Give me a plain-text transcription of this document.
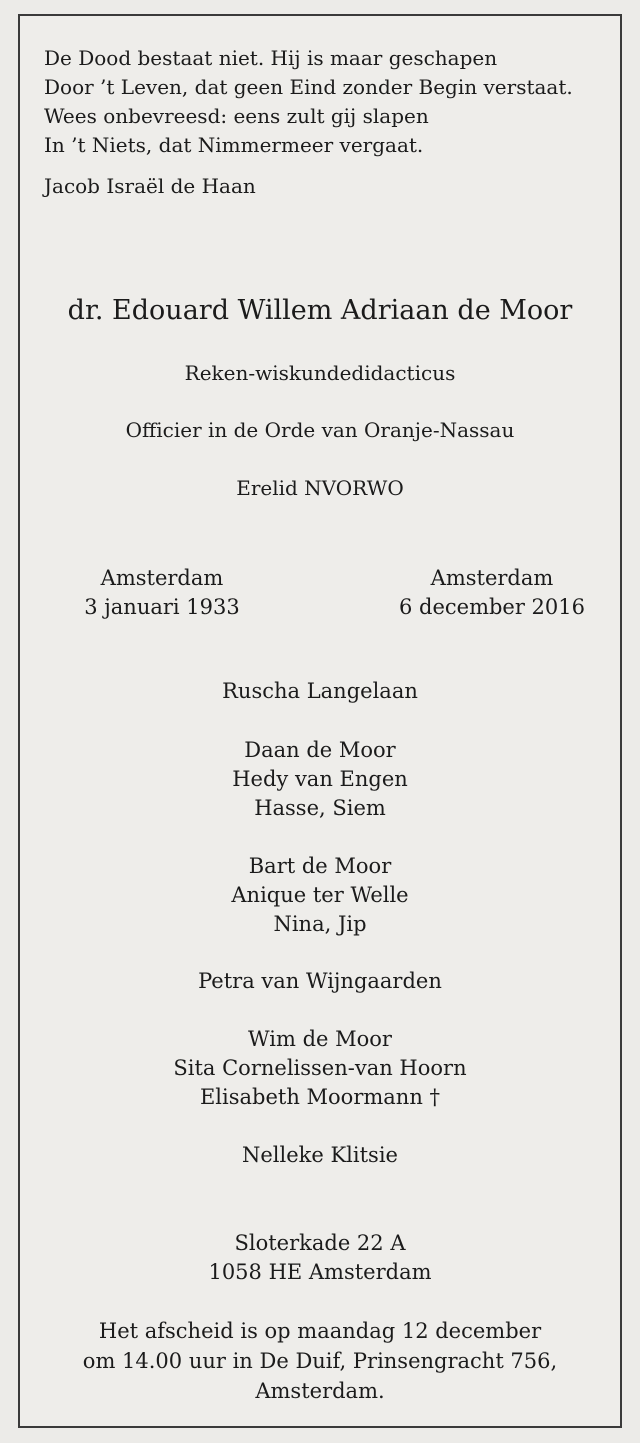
De Dood bestaat niet. Hij is maar geschapen
Door ’t Leven, dat geen Eind zonder Begin verstaat.
Wees onbevreesd: eens zult gij slapen
In ’t Niets, dat Nimmermeer vergaat.
Jacob Israël de Haan
dr. Edouard Willem Adriaan de Moor
Reken-wiskundedidacticus
Officier in de Orde van Oranje-Nassau
Erelid NVORWO
Amsterdam
3 januari 1933
Amsterdam
6 december 2016
Ruscha Langelaan
Daan de Moor
Hedy van Engen
Hasse, Siem
Bart de Moor
Anique ter Welle
Nina, Jip
Petra van Wijngaarden
Wim de Moor
Sita Cornelissen-van Hoorn
Elisabeth Moormann †
Nelleke Klitsie
Sloterkade 22 A
1058 HE Amsterdam
Het afscheid is op maandag 12 december
om 14.00 uur in De Duif, Prinsengracht 756,
Amsterdam.
